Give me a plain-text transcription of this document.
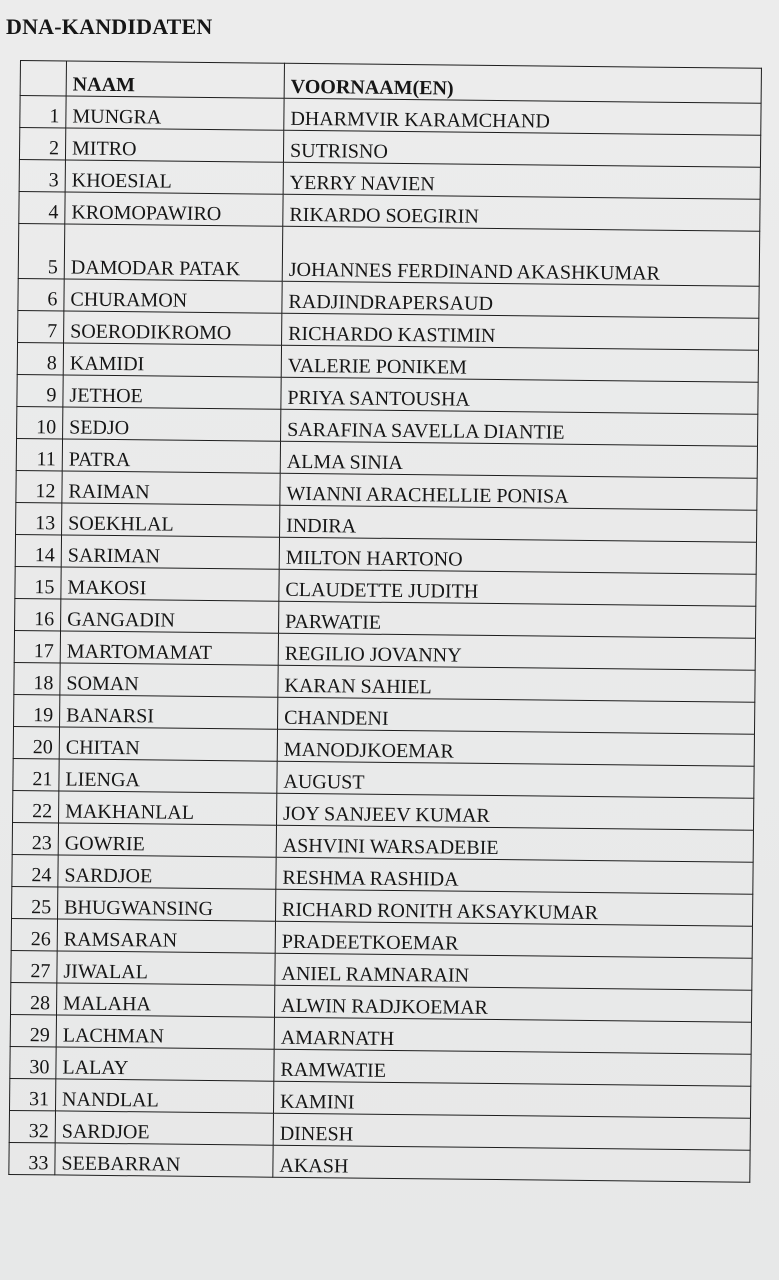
DNA-KANDIDATEN
	NAAM	VOORNAAM(EN)
1	MUNGRA	DHARMVIR KARAMCHAND
2	MITRO	SUTRISNO
3	KHOESIAL	YERRY NAVIEN
4	KROMOPAWIRO	RIKARDO SOEGIRIN
5	DAMODAR PATAK	JOHANNES FERDINAND AKASHKUMAR
6	CHURAMON	RADJINDRAPERSAUD
7	SOERODIKROMO	RICHARDO KASTIMIN
8	KAMIDI	VALERIE PONIKEM
9	JETHOE	PRIYA SANTOUSHA
10	SEDJO	SARAFINA SAVELLA DIANTIE
11	PATRA	ALMA SINIA
12	RAIMAN	WIANNI ARACHELLIE PONISA
13	SOEKHLAL	INDIRA
14	SARIMAN	MILTON HARTONO
15	MAKOSI	CLAUDETTE JUDITH
16	GANGADIN	PARWATIE
17	MARTOMAMAT	REGILIO JOVANNY
18	SOMAN	KARAN SAHIEL
19	BANARSI	CHANDENI
20	CHITAN	MANODJKOEMAR
21	LIENGA	AUGUST
22	MAKHANLAL	JOY SANJEEV KUMAR
23	GOWRIE	ASHVINI WARSADEBIE
24	SARDJOE	RESHMA RASHIDA
25	BHUGWANSING	RICHARD RONITH AKSAYKUMAR
26	RAMSARAN	PRADEETKOEMAR
27	JIWALAL	ANIEL RAMNARAIN
28	MALAHA	ALWIN RADJKOEMAR
29	LACHMAN	AMARNATH
30	LALAY	RAMWATIE
31	NANDLAL	KAMINI
32	SARDJOE	DINESH
33	SEEBARRAN	AKASH
